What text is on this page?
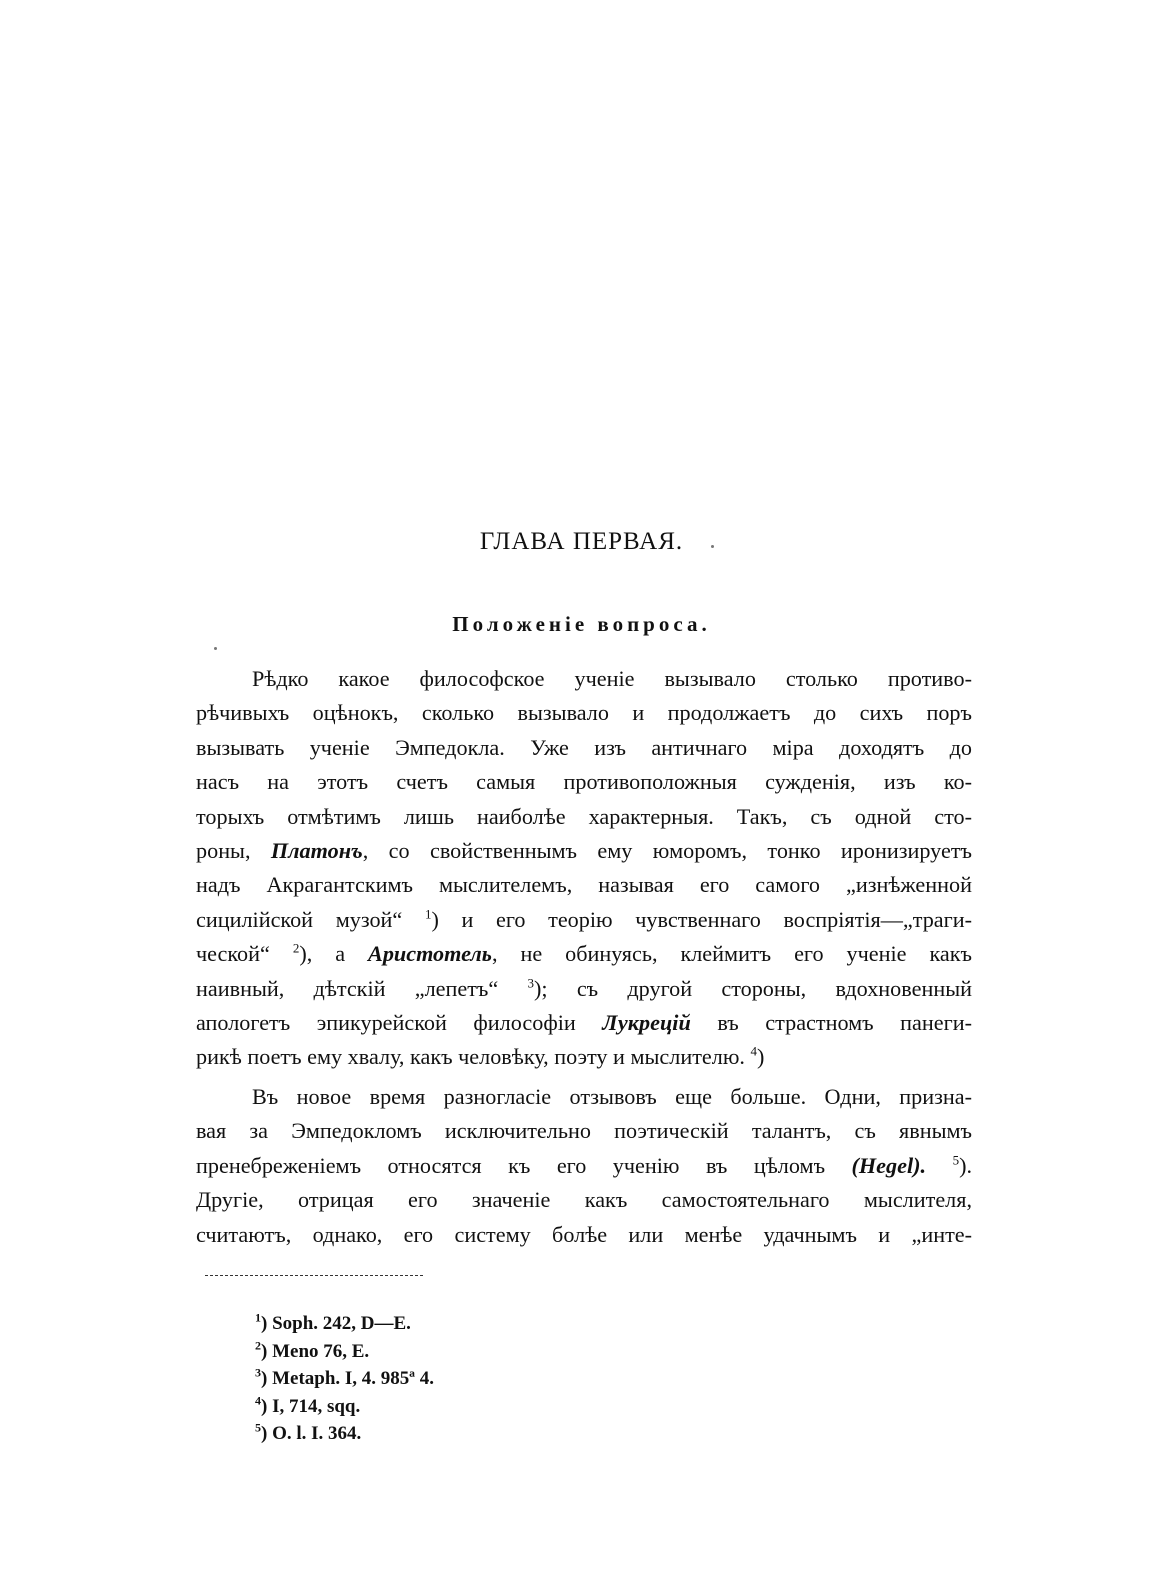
ГЛАВА ПЕРВАЯ.
Положеніе вопроса.
Рѣдко какое философское ученіе вызывало столько противо-
рѣчивыхъ оцѣнокъ, сколько вызывало и продолжаетъ до сихъ поръ
вызывать ученіе Эмпедокла. Уже изъ античнаго міра доходятъ до
насъ на этотъ счетъ самыя противоположныя сужденія, изъ ко-
торыхъ отмѣтимъ лишь наиболѣе характерныя. Такъ, съ одной сто-
роны, Платонъ, со свойственнымъ ему юморомъ, тонко иронизируетъ
надъ Акрагантскимъ мыслителемъ, называя его самого „изнѣженной
сицилійской музой“ $^1$) и его теорію чувственнаго воспріятія—„траги-
ческой“ $^2$), а Аристотель, не обинуясь, клеймитъ его ученіе какъ
наивный, дѣтскій „лепетъ“ $^3$); съ другой стороны, вдохновенный
апологетъ эпикурейской философіи Лукрецій въ страстномъ панеги-
рикѣ поетъ ему хвалу, какъ человѣку, поэту и мыслителю. $^4$)
Въ новое время разногласіе отзывовъ еще больше. Одни, призна-
вая за Эмпедокломъ исключительно поэтическій талантъ, съ явнымъ
пренебреженіемъ относятся къ его ученію въ цѣломъ (Hegel). $^5$).
Другіе, отрицая его значеніе какъ самостоятельнаго мыслителя,
считаютъ, однако, его систему болѣе или менѣе удачнымъ и „инте-
$^1$) Soph. 242, D—E.
$^2$) Meno 76, E.
$^3$) Metaph. I, 4. 985ª 4.
$^4$) I, 714, sqq.
$^5$) O. l. I. 364.
